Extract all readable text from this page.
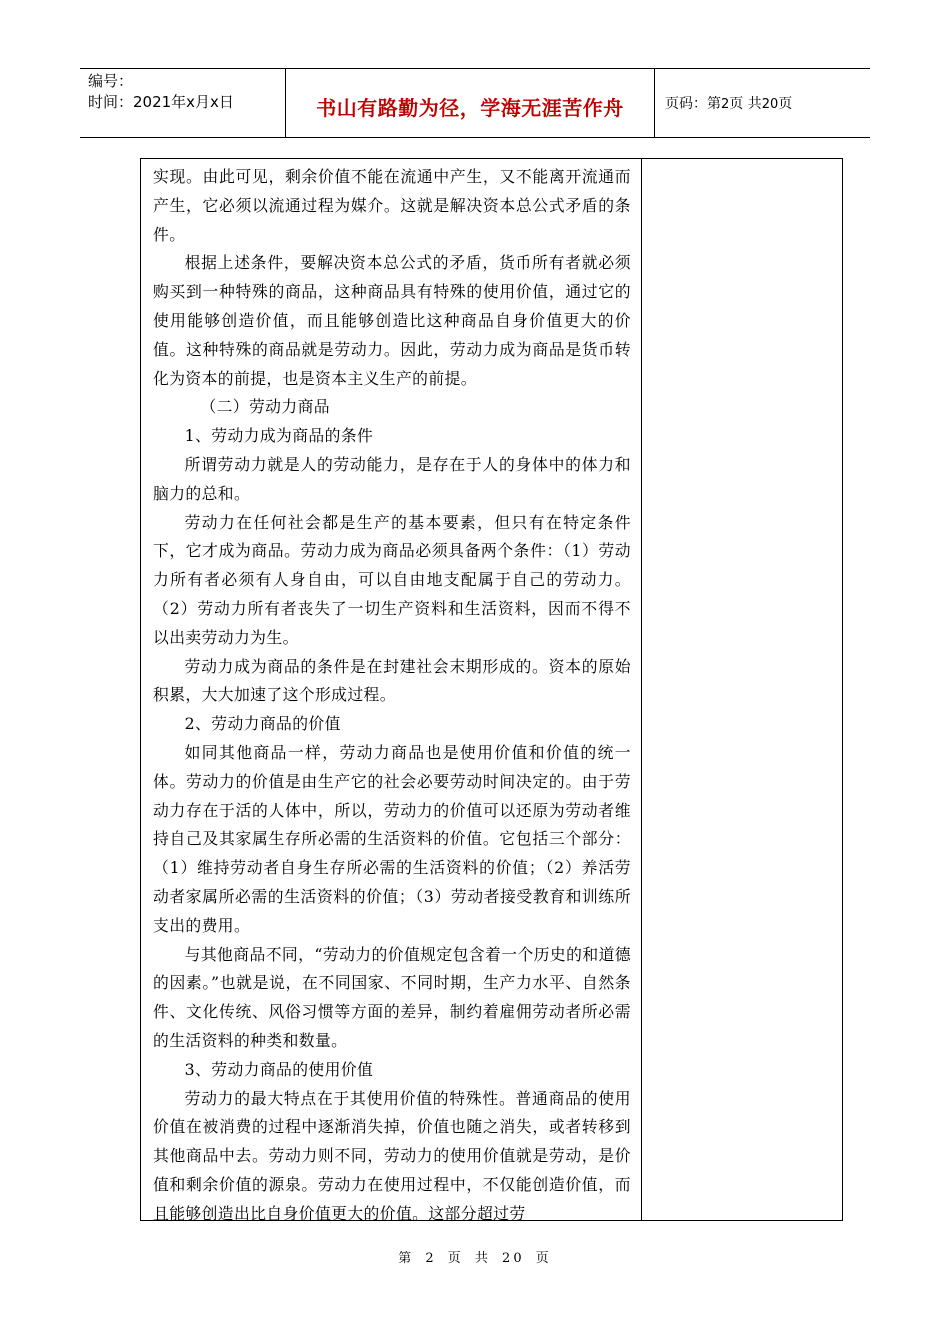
编号：
时间：2021年x月x日	书山有路勤为径，学海无涯苦作舟	页码：第2页 共20页

实现。由此可见，剩余价值不能在流通中产生，又不能离开流通而产生，它必须以流通过程为媒介。这就是解决资本总公式矛盾的条件。

根据上述条件，要解决资本总公式的矛盾，货币所有者就必须购买到一种特殊的商品，这种商品具有特殊的使用价值，通过它的使用能够创造价值，而且能够创造比这种商品自身价值更大的价值。这种特殊的商品就是劳动力。因此，劳动力成为商品是货币转化为资本的前提，也是资本主义生产的前提。

（二）劳动力商品

1、劳动力成为商品的条件

所谓劳动力就是人的劳动能力，是存在于人的身体中的体力和脑力的总和。

劳动力在任何社会都是生产的基本要素，但只有在特定条件下，它才成为商品。劳动力成为商品必须具备两个条件：（1）劳动力所有者必须有人身自由，可以自由地支配属于自己的劳动力。（2）劳动力所有者丧失了一切生产资料和生活资料，因而不得不以出卖劳动力为生。

劳动力成为商品的条件是在封建社会末期形成的。资本的原始积累，大大加速了这个形成过程。

2、劳动力商品的价值

如同其他商品一样，劳动力商品也是使用价值和价值的统一体。劳动力的价值是由生产它的社会必要劳动时间决定的。由于劳动力存在于活的人体中，所以，劳动力的价值可以还原为劳动者维持自己及其家属生存所必需的生活资料的价值。它包括三个部分：（1）维持劳动者自身生存所必需的生活资料的价值；（2）养活劳动者家属所必需的生活资料的价值；（3）劳动者接受教育和训练所支出的费用。

与其他商品不同，“劳动力的价值规定包含着一个历史的和道德的因素。”也就是说，在不同国家、不同时期，生产力水平、自然条件、文化传统、风俗习惯等方面的差异，制约着雇佣劳动者所必需的生活资料的种类和数量。

3、劳动力商品的使用价值

劳动力的最大特点在于其使用价值的特殊性。普通商品的使用价值在被消费的过程中逐渐消失掉，价值也随之消失，或者转移到其他商品中去。劳动力则不同，劳动力的使用价值就是劳动，是价值和剩余价值的源泉。劳动力在使用过程中，不仅能创造价值，而且能够创造出比自身价值更大的价值。这部分超过劳

第 2 页 共 20 页
